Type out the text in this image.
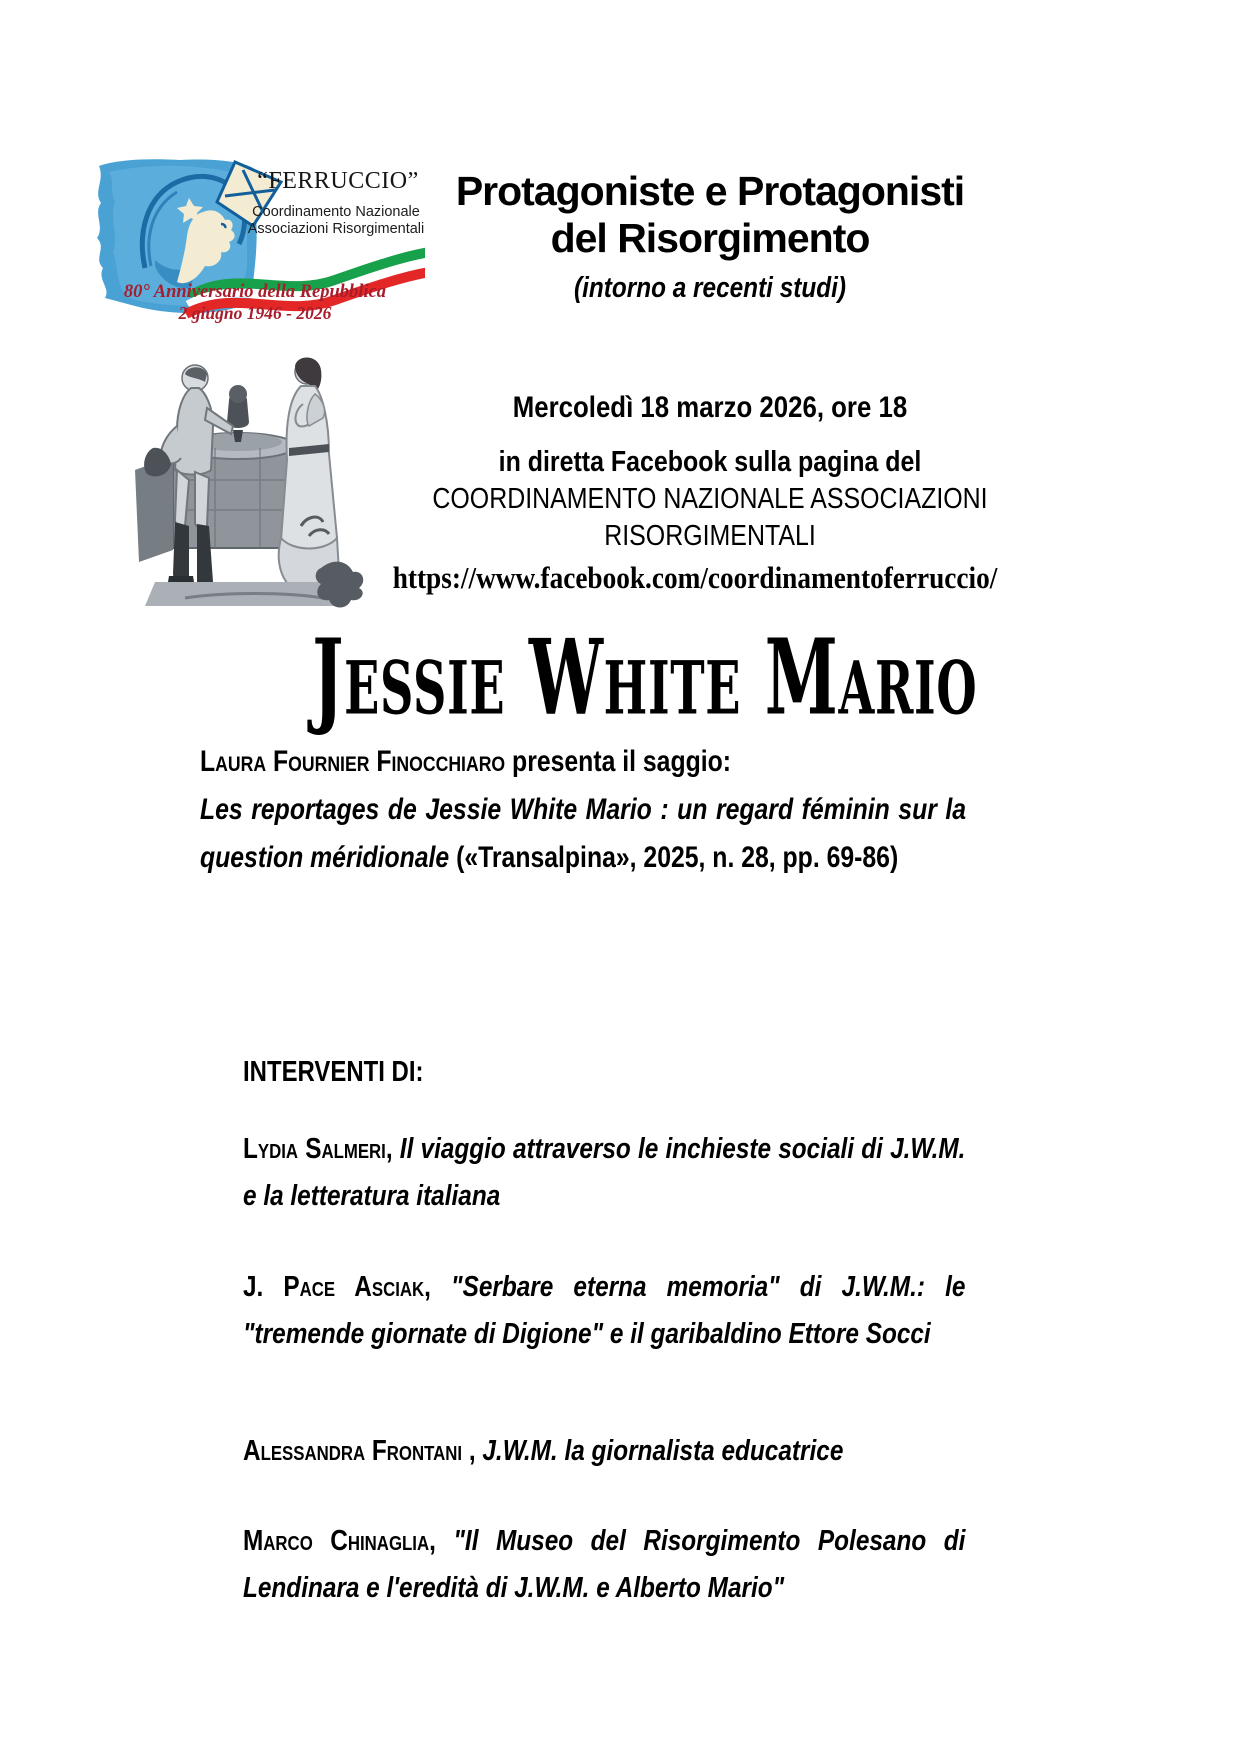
“FERRUCCIO”
Coordinamento Nazionale
Associazioni Risorgimentali
80° Anniversario della Repubblica
2 giugno 1946 - 2026
Protagoniste e Protagonisti
del Risorgimento
(intorno a recenti studi)
Mercoledì 18 marzo 2026, ore 18
in diretta Facebook sulla pagina del
COORDINAMENTO NAZIONALE ASSOCIAZIONI
RISORGIMENTALI
https://www.facebook.com/coordinamentoferruccio/
Jessie White Mario

Laura Fournier Finocchiaro presenta il saggio:
Les reportages de Jessie White Mario : un regard féminin sur la question méridionale («Transalpina», 2025, n. 28, pp. 69-86)

INTERVENTI DI:

Lydia Salmeri, Il viaggio attraverso le inchieste sociali di J.W.M. e la letteratura italiana

J. Pace Asciak, "Serbare eterna memoria" di J.W.M.: le "tremende giornate di Digione" e il garibaldino Ettore Socci

Alessandra Frontani , J.W.M. la giornalista educatrice

Marco Chinaglia, "Il Museo del Risorgimento Polesano di Lendinara e l'eredità di J.W.M. e Alberto Mario"
